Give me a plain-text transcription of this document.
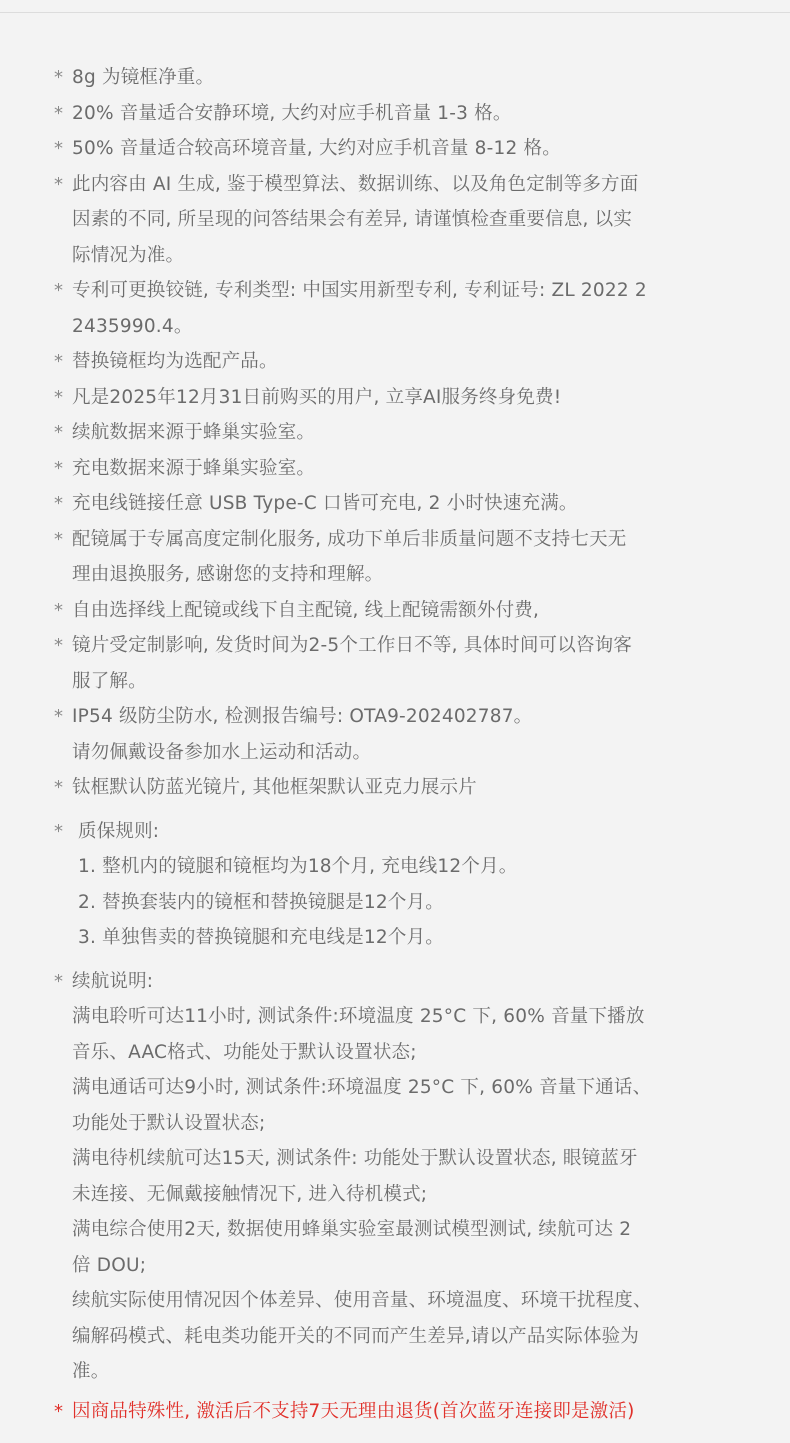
* 8g 为镜框净重。
* 20% 音量适合安静环境, 大约对应手机音量 1-3 格。
* 50% 音量适合较高环境音量, 大约对应手机音量 8-12 格。
* 此内容由 AI 生成, 鉴于模型算法、数据训练、以及角色定制等多方面
因素的不同, 所呈现的问答结果会有差异, 请谨慎检查重要信息, 以实
际情况为准。
* 专利可更换铰链, 专利类型: 中国实用新型专利, 专利证号: ZL 2022 2
2435990.4。
* 替换镜框均为选配产品。
* 凡是2025年12月31日前购买的用户, 立享AI服务终身免费!
* 续航数据来源于蜂巢实验室。
* 充电数据来源于蜂巢实验室。
* 充电线链接任意 USB Type-C 口皆可充电, 2 小时快速充满。
* 配镜属于专属高度定制化服务, 成功下单后非质量问题不支持七天无
理由退换服务, 感谢您的支持和理解。
* 自由选择线上配镜或线下自主配镜, 线上配镜需额外付费,
* 镜片受定制影响, 发货时间为2-5个工作日不等, 具体时间可以咨询客
服了解。
* IP54 级防尘防水, 检测报告编号: OTA9-202402787。
请勿佩戴设备参加水上运动和活动。
* 钛框默认防蓝光镜片, 其他框架默认亚克力展示片
* 质保规则:
1. 整机内的镜腿和镜框均为18个月, 充电线12个月。
2. 替换套装内的镜框和替换镜腿是12个月。
3. 单独售卖的替换镜腿和充电线是12个月。
* 续航说明:
满电聆听可达11小时, 测试条件:环境温度 25°C 下, 60% 音量下播放
音乐、AAC格式、功能处于默认设置状态;
满电通话可达9小时, 测试条件:环境温度 25°C 下, 60% 音量下通话、
功能处于默认设置状态;
满电待机续航可达15天, 测试条件: 功能处于默认设置状态, 眼镜蓝牙
未连接、无佩戴接触情况下, 进入待机模式;
满电综合使用2天, 数据使用蜂巢实验室最测试模型测试, 续航可达 2
倍 DOU;
续航实际使用情况因个体差异、使用音量、环境温度、环境干扰程度、
编解码模式、耗电类功能开关的不同而产生差异,请以产品实际体验为
准。
* 因商品特殊性, 激活后不支持7天无理由退货(首次蓝牙连接即是激活)
